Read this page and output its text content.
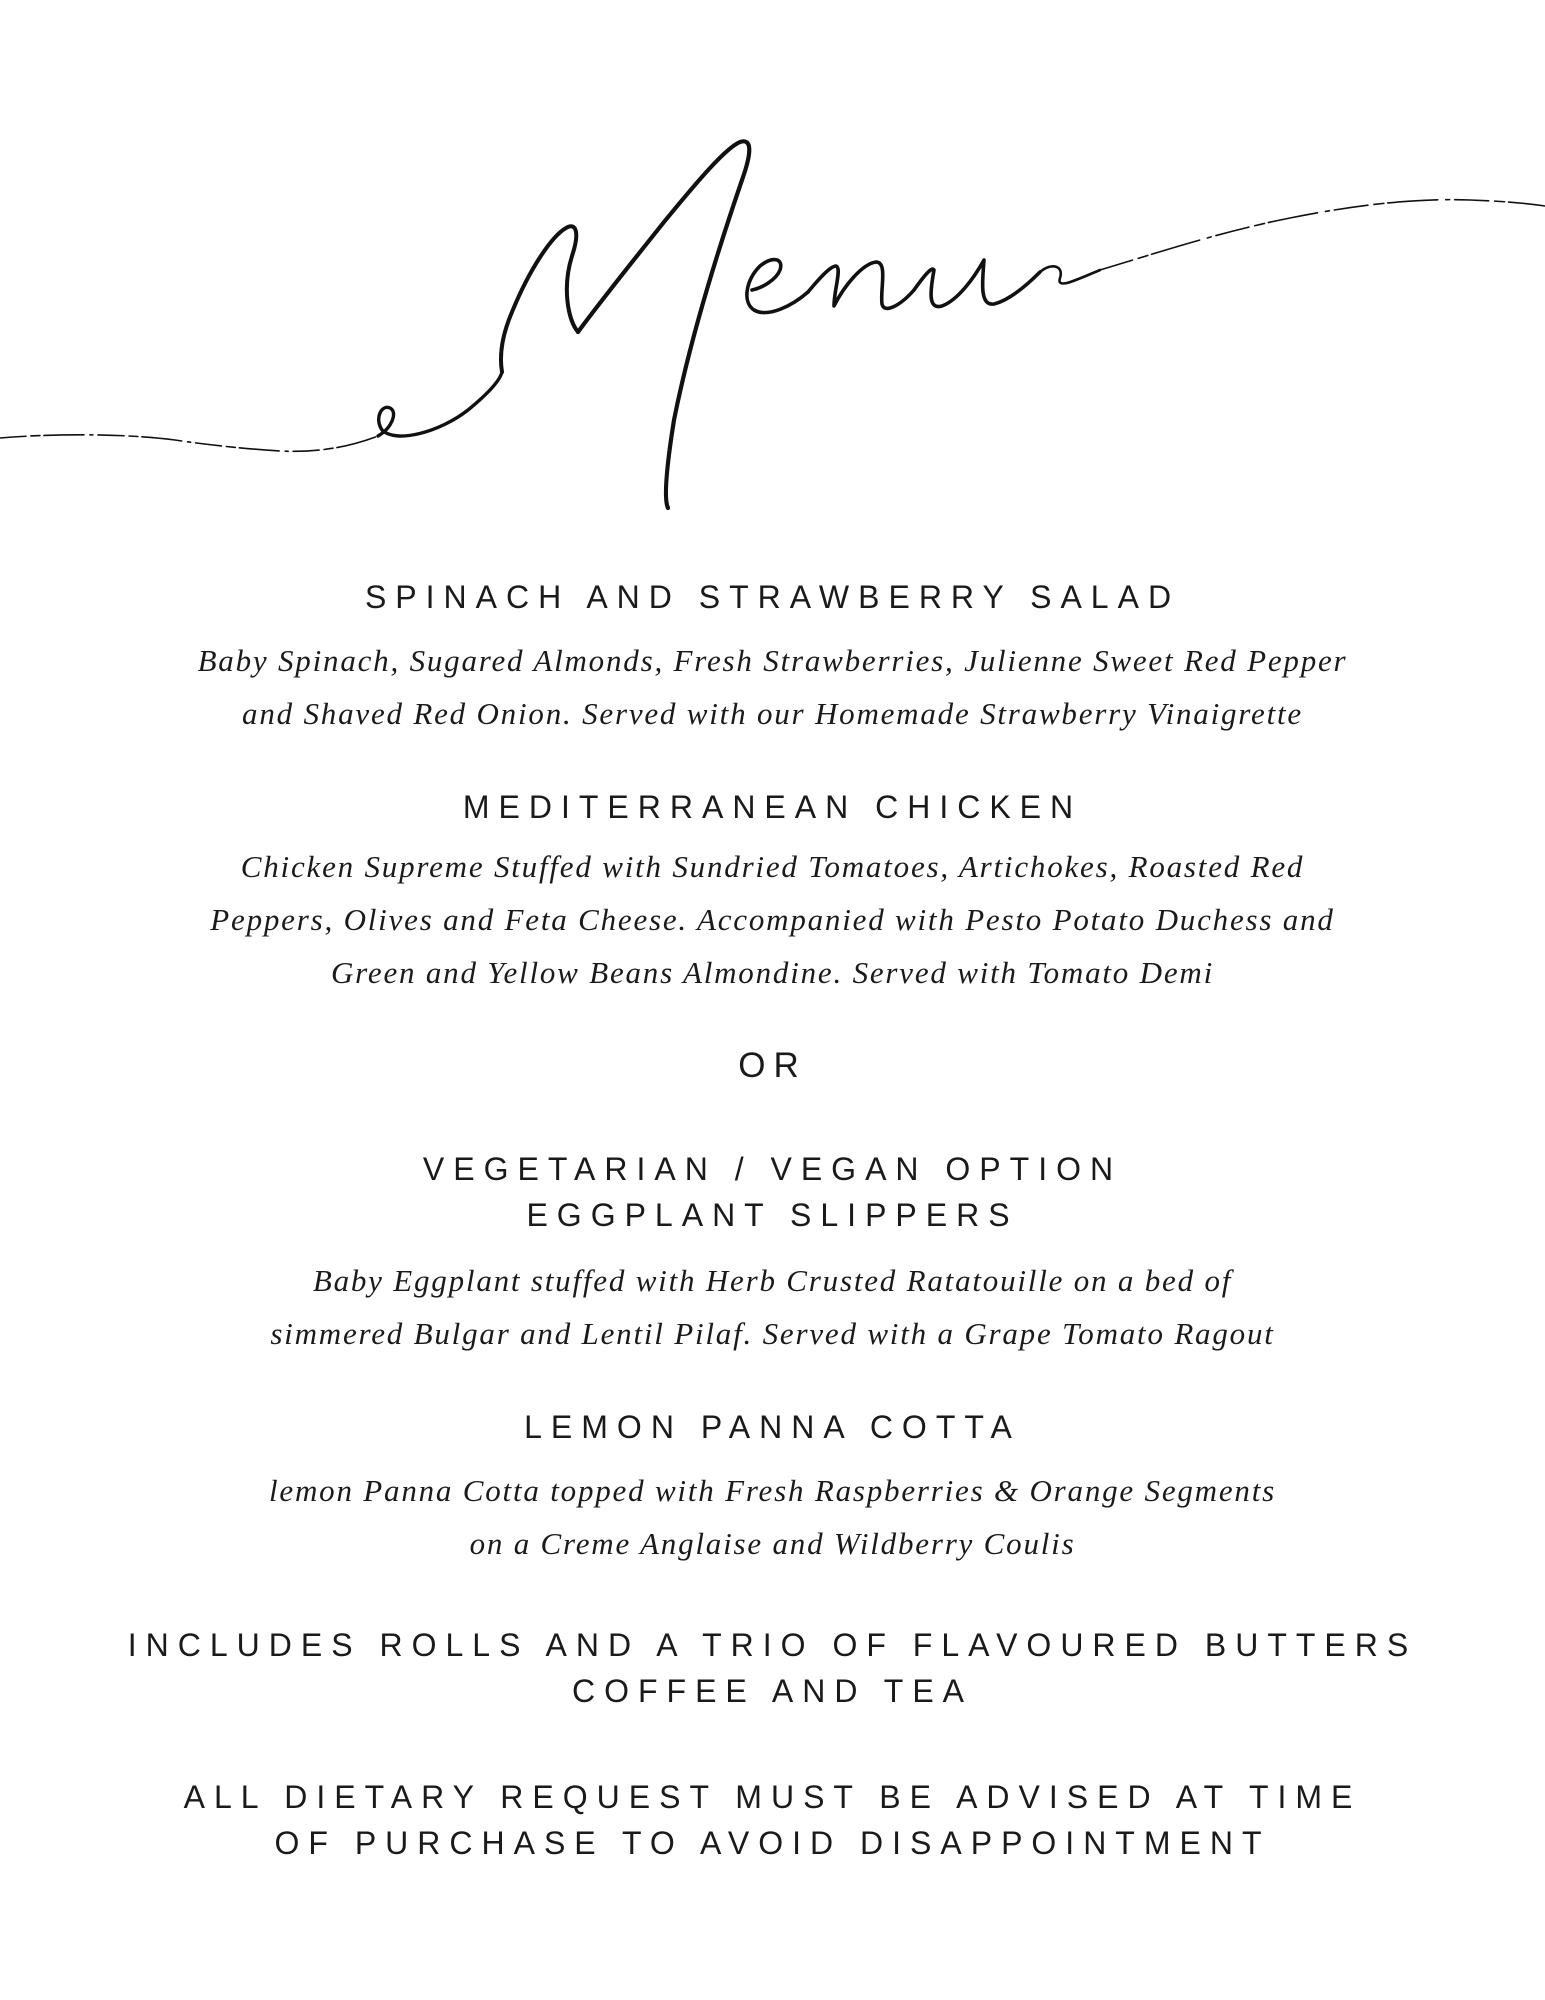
SPINACH AND STRAWBERRY SALAD
Baby Spinach, Sugared Almonds, Fresh Strawberries, Julienne Sweet Red Pepper
and Shaved Red Onion. Served with our Homemade Strawberry Vinaigrette
MEDITERRANEAN CHICKEN
Chicken Supreme Stuffed with Sundried Tomatoes, Artichokes, Roasted Red
Peppers, Olives and Feta Cheese. Accompanied with Pesto Potato Duchess and
Green and Yellow Beans Almondine. Served with Tomato Demi
OR
VEGETARIAN / VEGAN OPTION
EGGPLANT SLIPPERS
Baby Eggplant stuffed with Herb Crusted Ratatouille on a bed of
simmered Bulgar and Lentil Pilaf. Served with a Grape Tomato Ragout
LEMON PANNA COTTA
lemon Panna Cotta topped with Fresh Raspberries & Orange Segments
on a Creme Anglaise and Wildberry Coulis
INCLUDES ROLLS AND A TRIO OF FLAVOURED BUTTERS
COFFEE AND TEA
ALL DIETARY REQUEST MUST BE ADVISED AT TIME
OF PURCHASE TO AVOID DISAPPOINTMENT
